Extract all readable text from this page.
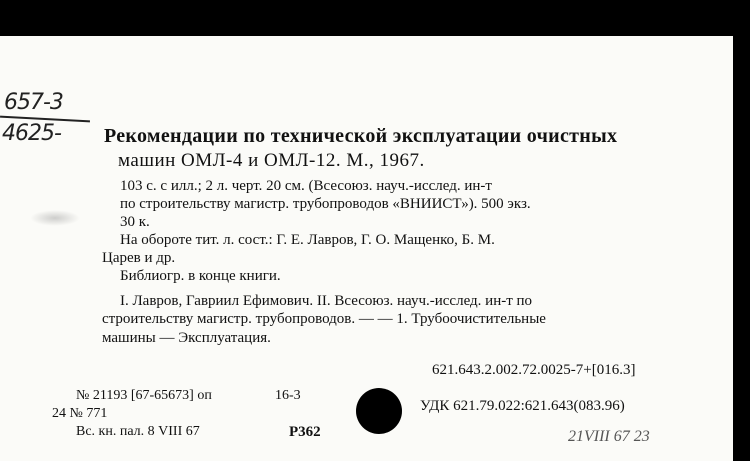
657-3
4625- Рекомендации по технической эксплуатации очистных
машин ОМЛ-4 и ОМЛ-12. М., 1967.
103 с. с илл.; 2 л. черт. 20 см. (Всесоюз. науч.-исслед. ин-т
по строительству магистр. трубопроводов «ВНИИСТ»). 500 экз.
30 к.
На обороте тит. л. сост.: Г. Е. Лавров, Г. О. Мащенко, Б. М.
Царев и др.
Библиогр. в конце книги.
I. Лавров, Гавриил Ефимович. II. Всесоюз. науч.-исслед. ин-т по
строительству магистр. трубопроводов. — — 1. Трубоочистительные
машины — Эксплуатация.
621.643.2.002.72.0025-7+[016.3]
УДК 621.79.022:621.643(083.96)
№ 21193 [67-65673] оп	16-3
24 № 771
Вс. кн. пал. 8 VIII 67	Р362	21VIII 67 23
